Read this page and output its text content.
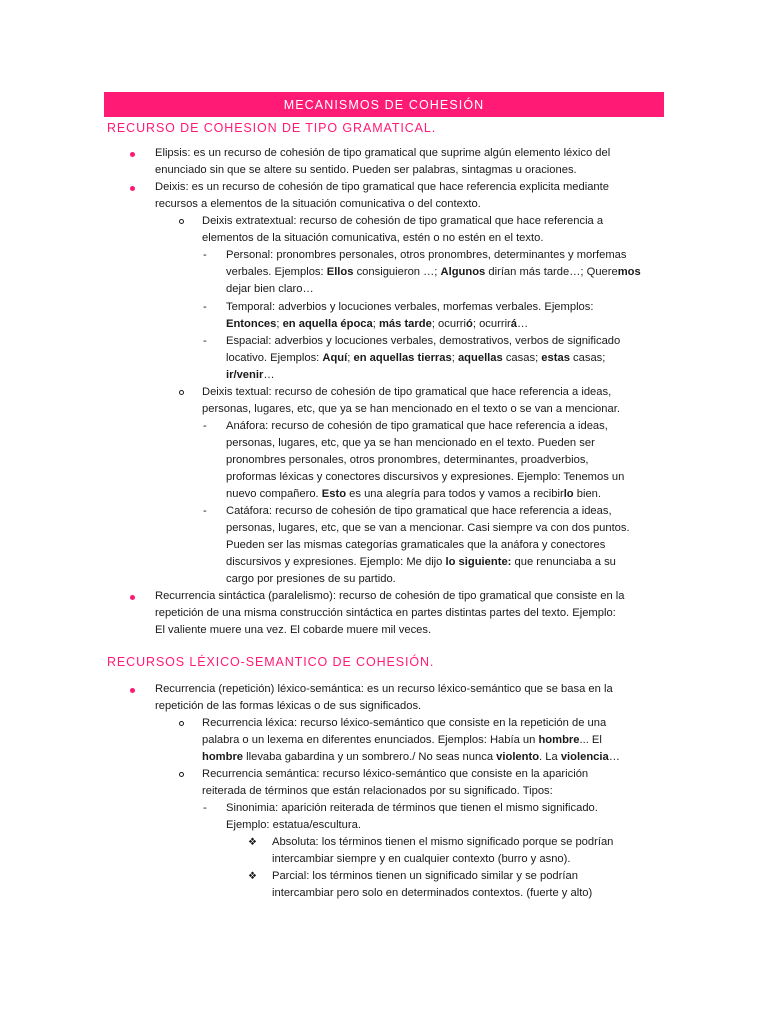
MECANISMOS DE COHESIÓN
RECURSO DE COHESION DE TIPO GRAMATICAL.
Elipsis: es un recurso de cohesión de tipo gramatical que suprime algún elemento léxico del
enunciado sin que se altere su sentido. Pueden ser palabras, sintagmas u oraciones.
Deixis: es un recurso de cohesión de tipo gramatical que hace referencia explicita mediante
recursos a elementos de la situación comunicativa o del contexto.
Deixis extratextual: recurso de cohesión de tipo gramatical que hace referencia a
elementos de la situación comunicativa, estén o no estén en el texto.
- Personal: pronombres personales, otros pronombres, determinantes y morfemas
verbales. Ejemplos: Ellos consiguieron …; Algunos dirían más tarde…; Queremos
dejar bien claro…
- Temporal: adverbios y locuciones verbales, morfemas verbales. Ejemplos:
Entonces; en aquella época; más tarde; ocurrió; ocurrirá…
- Espacial: adverbios y locuciones verbales, demostrativos, verbos de significado
locativo. Ejemplos: Aquí; en aquellas tierras; aquellas casas; estas casas;
ir/venir…
Deixis textual: recurso de cohesión de tipo gramatical que hace referencia a ideas,
personas, lugares, etc, que ya se han mencionado en el texto o se van a mencionar.
- Anáfora: recurso de cohesión de tipo gramatical que hace referencia a ideas,
personas, lugares, etc, que ya se han mencionado en el texto. Pueden ser
pronombres personales, otros pronombres, determinantes, proadverbios,
proformas léxicas y conectores discursivos y expresiones. Ejemplo: Tenemos un
nuevo compañero. Esto es una alegría para todos y vamos a recibirlo bien.
- Catáfora: recurso de cohesión de tipo gramatical que hace referencia a ideas,
personas, lugares, etc, que se van a mencionar. Casi siempre va con dos puntos.
Pueden ser las mismas categorías gramaticales que la anáfora y conectores
discursivos y expresiones. Ejemplo: Me dijo lo siguiente: que renunciaba a su
cargo por presiones de su partido.
Recurrencia sintáctica (paralelismo): recurso de cohesión de tipo gramatical que consiste en la
repetición de una misma construcción sintáctica en partes distintas partes del texto. Ejemplo:
El valiente muere una vez. El cobarde muere mil veces.
RECURSOS LÉXICO-SEMANTICO DE COHESIÓN.
Recurrencia (repetición) léxico-semántica: es un recurso léxico-semántico que se basa en la
repetición de las formas léxicas o de sus significados.
Recurrencia léxica: recurso léxico-semántico que consiste en la repetición de una
palabra o un lexema en diferentes enunciados. Ejemplos: Había un hombre... El
hombre llevaba gabardina y un sombrero./ No seas nunca violento. La violencia…
Recurrencia semántica: recurso léxico-semántico que consiste en la aparición
reiterada de términos que están relacionados por su significado. Tipos:
- Sinonimia: aparición reiterada de términos que tienen el mismo significado.
Ejemplo: estatua/escultura.
❖ Absoluta: los términos tienen el mismo significado porque se podrían
intercambiar siempre y en cualquier contexto (burro y asno).
❖ Parcial: los términos tienen un significado similar y se podrían
intercambiar pero solo en determinados contextos. (fuerte y alto)
